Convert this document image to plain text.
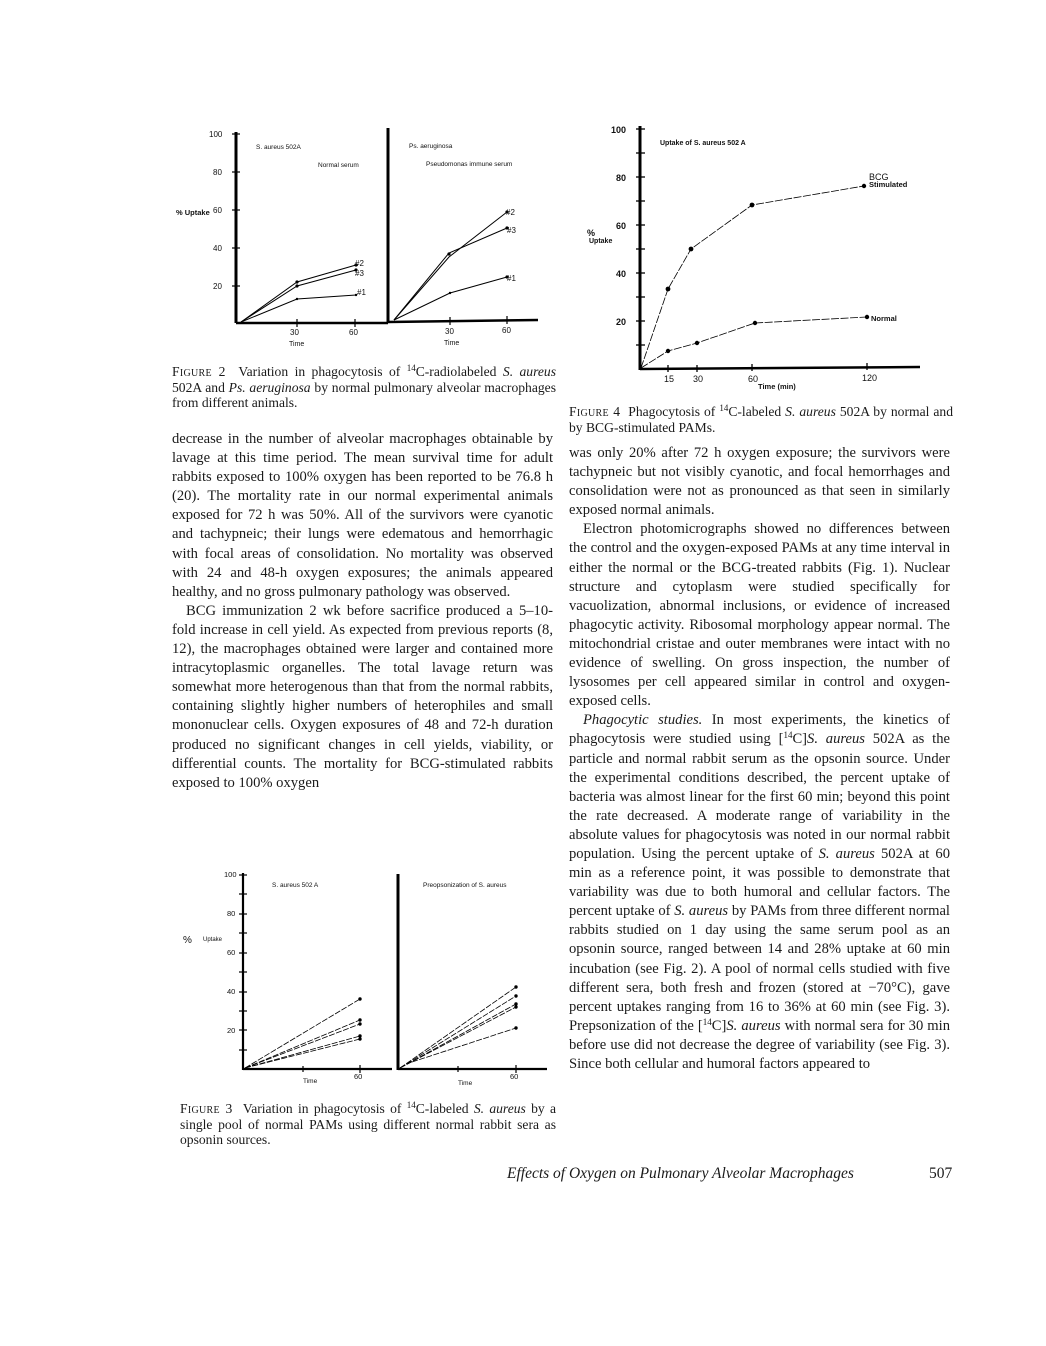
100
80
60
40
20
30	60	30	60
Time	Time
% Uptake
S. aureus 502A
Normal serum
Ps. aeruginosa
Pseudomonas immune serum
#2
#3
#1
#2
#3
#1
Figure 2 Variation in phagocytosis of $^{14}$C-radiolabeled S. aureus 502A and Ps. aeruginosa by normal pulmonary alveolar macrophages from different animals.

decrease in the number of alveolar macrophages obtainable by lavage at this time period. The mean survival time for adult rabbits exposed to 100% oxygen has been reported to be 76.8 h (20). The mortality rate in our normal experimental animals exposed for 72 h was 50%. All of the survivors were cyanotic and tachypneic; their lungs were edematous and hemorrhagic with focal areas of consolidation. No mortality was observed with 24 and 48-h oxygen exposures; the animals appeared healthy, and no gross pulmonary pathology was observed.

BCG immunization 2 wk before sacrifice produced a 5–10-fold increase in cell yield. As expected from previous reports (8, 12), the macrophages obtained were larger and contained more intracytoplasmic organelles. The total lavage return was somewhat more heterogenous than that from the normal rabbits, containing slightly higher numbers of heterophiles and small mononuclear cells. Oxygen exposures of 48 and 72-h duration produced no significant changes in cell yields, viability, or differential counts. The mortality for BCG-stimulated rabbits exposed to 100% oxygen

100
80
60
40
20
60	60
Time	Time
% Uptake
S. aureus 502 A	Preopsonization of S. aureus
Figure 3 Variation in phagocytosis of $^{14}$C-labeled S. aureus by a single pool of normal PAMs using different normal rabbit sera as opsonin sources.
100
80
60
40
20
15 30	60	120
Time (min)
%
Uptake
Uptake of S. aureus 502 A
BCG
Stimulated
Normal
Figure 4 Phagocytosis of $^{14}$C-labeled S. aureus 502A by normal and by BCG-stimulated PAMs.

was only 20% after 72 h oxygen exposure; the survivors were tachypneic but not visibly cyanotic, and focal hemorrhages and consolidation were not as pronounced as that seen in similarly exposed normal animals.

Electron photomicrographs showed no differences between the control and the oxygen-exposed PAMs at any time interval in either the normal or the BCG-treated rabbits (Fig. 1). Nuclear structure and cytoplasm were studied specifically for vacuolization, abnormal inclusions, or evidence of increased phagocytic activity. Ribosomal morphology appear normal. The mitochondrial cristae and outer membranes were intact with no evidence of swelling. On gross inspection, the number of lysosomes per cell appeared similar in control and oxygen-exposed cells.

Phagocytic studies. In most experiments, the kinetics of phagocytosis were studied using [$^{14}$C]S. aureus 502A as the particle and normal rabbit serum as the opsonin source. Under the experimental conditions described, the percent uptake of bacteria was almost linear for the first 60 min; beyond this point the rate decreased. A moderate range of variability in the absolute values for phagocytosis was noted in our normal rabbit population. Using the percent uptake of S. aureus 502A at 60 min as a reference point, it was possible to demonstrate that variability was due to both humoral and cellular factors. The percent uptake of S. aureus by PAMs from three different normal rabbits studied on 1 day using the same serum pool as an opsonin source, ranged between 14 and 28% uptake at 60 min incubation (see Fig. 2). A pool of normal cells studied with five different sera, both fresh and frozen (stored at −70°C), gave percent uptakes ranging from 16 to 36% at 60 min (see Fig. 3). Prepsonization of the [$^{14}$C]S. aureus with normal sera for 30 min before use did not decrease the degree of variability (see Fig. 3). Since both cellular and humoral factors appeared to

Effects of Oxygen on Pulmonary Alveolar Macrophages	507
